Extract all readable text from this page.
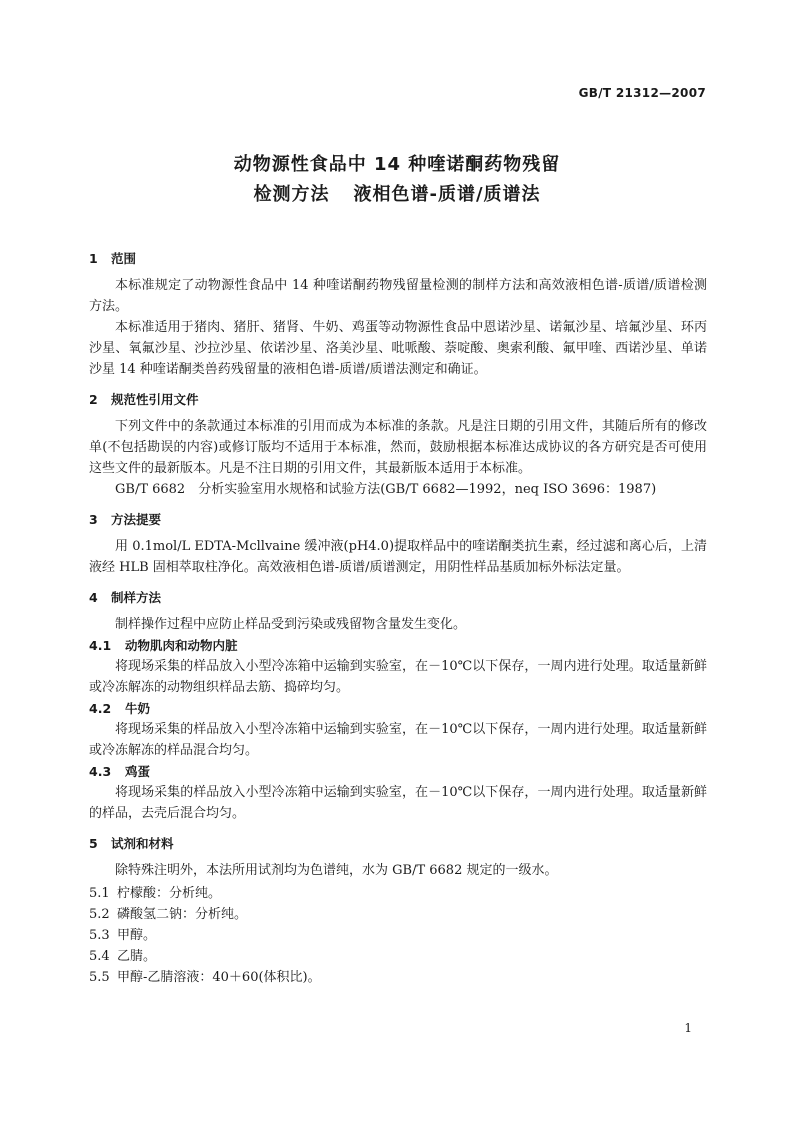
GB/T 21312—2007
动物源性食品中 14 种喹诺酮药物残留
检测方法 液相色谱-质谱/质谱法
1 范围

本标准规定了动物源性食品中 14 种喹诺酮药物残留量检测的制样方法和高效液相色谱-质谱/质谱检测方法。

本标准适用于猪肉、猪肝、猪肾、牛奶、鸡蛋等动物源性食品中恩诺沙星、诺氟沙星、培氟沙星、环丙沙星、氧氟沙星、沙拉沙星、依诺沙星、洛美沙星、吡哌酸、萘啶酸、奥索利酸、氟甲喹、西诺沙星、单诺沙星 14 种喹诺酮类兽药残留量的液相色谱-质谱/质谱法测定和确证。

2 规范性引用文件

下列文件中的条款通过本标准的引用而成为本标准的条款。凡是注日期的引用文件，其随后所有的修改单(不包括勘误的内容)或修订版均不适用于本标准，然而，鼓励根据本标准达成协议的各方研究是否可使用这些文件的最新版本。凡是不注日期的引用文件，其最新版本适用于本标准。

GB/T 6682　分析实验室用水规格和试验方法(GB/T 6682—1992，neq ISO 3696：1987)

3 方法提要

用 0.1mol/L EDTA-Mcllvaine 缓冲液(pH4.0)提取样品中的喹诺酮类抗生素，经过滤和离心后，上清液经 HLB 固相萃取柱净化。高效液相色谱-质谱/质谱测定，用阴性样品基质加标外标法定量。

4 制样方法

制样操作过程中应防止样品受到污染或残留物含量发生变化。

4.1 动物肌肉和动物内脏

将现场采集的样品放入小型冷冻箱中运输到实验室，在－10℃以下保存，一周内进行处理。取适量新鲜或冷冻解冻的动物组织样品去筋、捣碎均匀。

4.2 牛奶

将现场采集的样品放入小型冷冻箱中运输到实验室，在－10℃以下保存，一周内进行处理。取适量新鲜或冷冻解冻的样品混合均匀。

4.3 鸡蛋

将现场采集的样品放入小型冷冻箱中运输到实验室，在－10℃以下保存，一周内进行处理。取适量新鲜的样品，去壳后混合均匀。

5 试剂和材料

除特殊注明外，本法所用试剂均为色谱纯，水为 GB/T 6682 规定的一级水。

5.1 柠檬酸：分析纯。
5.2 磷酸氢二钠：分析纯。
5.3 甲醇。
5.4 乙腈。
5.5 甲醇-乙腈溶液：40＋60(体积比)。
1
